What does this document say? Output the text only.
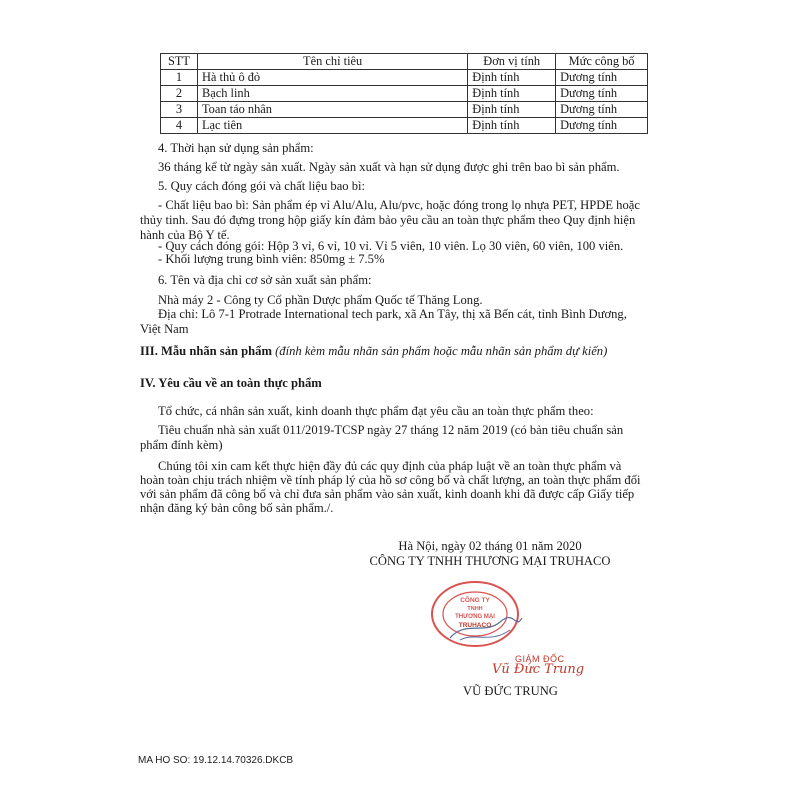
STT	Tên chỉ tiêu	Đơn vị tính	Mức công bố
1	Hà thủ ô đỏ	Định tính	Dương tính
2	Bạch linh	Định tính	Dương tính
3	Toan táo nhân	Định tính	Dương tính
4	Lạc tiên	Định tính	Dương tính
4. Thời hạn sử dụng sản phẩm:
36 tháng kể từ ngày sản xuất. Ngày sản xuất và hạn sử dụng được ghi trên bao bì sản phẩm.
5. Quy cách đóng gói và chất liệu bao bì:
- Chất liệu bao bì: Sản phẩm ép vỉ Alu/Alu, Alu/pvc, hoặc đóng trong lọ nhựa PET, HPDE hoặc thủy tinh. Sau đó đựng trong hộp giấy kín đảm bảo yêu cầu an toàn thực phẩm theo Quy định hiện hành của Bộ Y tế.
- Quy cách đóng gói: Hộp 3 vỉ, 6 vỉ, 10 vỉ. Vỉ 5 viên, 10 viên. Lọ 30 viên, 60 viên, 100 viên.
- Khối lượng trung bình viên: 850mg ± 7.5%
6. Tên và địa chỉ cơ sở sản xuất sản phẩm:
Nhà máy 2 - Công ty Cổ phần Dược phẩm Quốc tế Thăng Long.
Địa chỉ: Lô 7-1 Protrade International tech park, xã An Tây, thị xã Bến cát, tỉnh Bình Dương, Việt Nam
III. Mẫu nhãn sản phẩm (đính kèm mẫu nhãn sản phẩm hoặc mẫu nhãn sản phẩm dự kiến)
IV. Yêu cầu về an toàn thực phẩm
Tổ chức, cá nhân sản xuất, kinh doanh thực phẩm đạt yêu cầu an toàn thực phẩm theo:
Tiêu chuẩn nhà sản xuất 011/2019-TCSP ngày 27 tháng 12 năm 2019 (có bản tiêu chuẩn sản phẩm đính kèm)
Chúng tôi xin cam kết thực hiện đầy đủ các quy định của pháp luật về an toàn thực phẩm và hoàn toàn chịu trách nhiệm về tính pháp lý của hồ sơ công bố và chất lượng, an toàn thực phẩm đối với sản phẩm đã công bố và chỉ đưa sản phẩm vào sản xuất, kinh doanh khi đã được cấp Giấy tiếp nhận đăng ký bản công bố sản phẩm./.
Hà Nội, ngày 02 tháng 01 năm 2020
CÔNG TY TNHH THƯƠNG MẠI TRUHACO
CÔNG TY
TNHH
THƯƠNG MẠI
TRUHACO
GIÁM ĐỐC
Vũ Đức Trung
VŨ ĐỨC TRUNG
MA HO SO: 19.12.14.70326.DKCB
